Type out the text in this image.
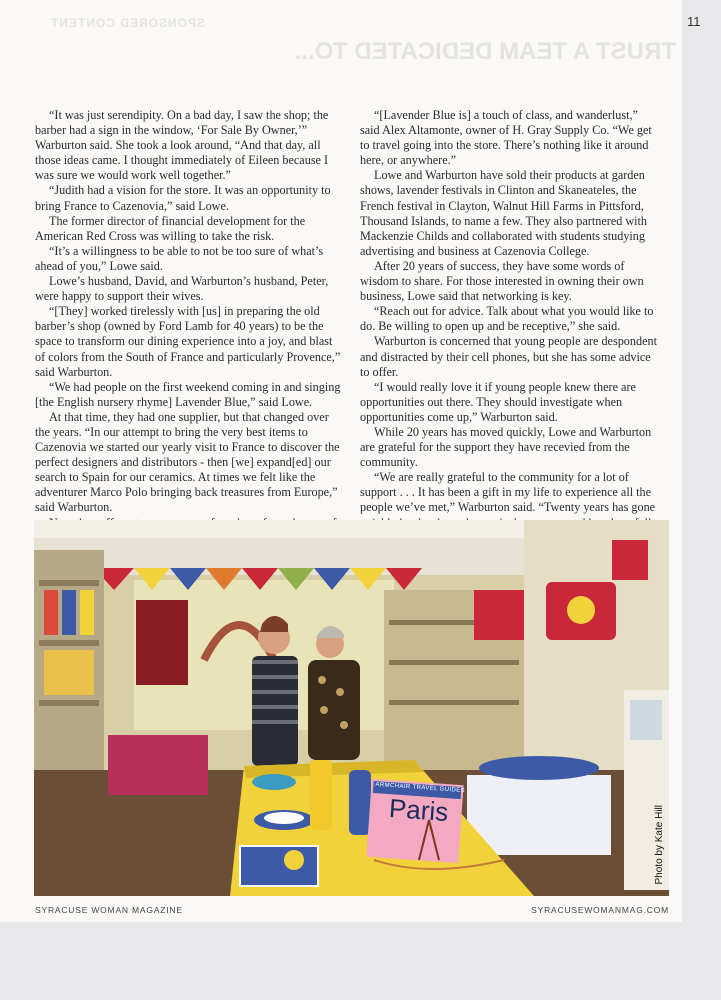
11
SPONSORED CONTENT
TRUST A TEAM DEDICATED TO...

“It was just serendipity. On a bad day, I saw the shop; the barber had a sign in the window, ‘For Sale By Owner,’” Warburton said. She took a look around, “And that day, all those ideas came. I thought immediately of Eileen because I was sure we would work well together.”

“Judith had a vision for the store. It was an opportunity to bring France to Cazenovia,” said Lowe.

The former director of financial development for the American Red Cross was willing to take the risk.

“It’s a willingness to be able to not be too sure of what’s ahead of you,” Lowe said.

Lowe’s husband, David, and Warburton’s husband, Peter, were happy to support their wives.

“[They] worked tirelessly with [us] in preparing the old barber’s shop (owned by Ford Lamb for 40 years) to be the space to transform our dining experience into a joy, and blast of colors from the South of France and particularly Provence,” said Warburton.

“We had people on the first weekend coming in and singing [the English nursery rhyme] Lavender Blue,” said Lowe.

At that time, they had one supplier, but that changed over the years. “In our attempt to bring the very best items to Cazenovia we started our yearly visit to France to discover the perfect designers and distributors - then [we] expand[ed] our search to Spain for our ceramics. At times we felt like the adventurer Marco Polo bringing back treasures from Europe,” said Warburton.

“[Lavender Blue is] a touch of class, and wanderlust,” said Alex Altamonte, owner of H. Gray Supply Co. “We get to travel going into the store. There’s nothing like it around here, or anywhere.”

Lowe and Warburton have sold their products at garden shows, lavender festivals in Clinton and Skaneateles, the French festival in Clayton, Walnut Hill Farms in Pittsford, Thousand Islands, to name a few. They also partnered with Mackenzie Childs and collaborated with students studying advertising and business at Cazenovia College.

After 20 years of success, they have some words of wisdom to share. For those interested in owning their own business, Lowe said that networking is key.

“Reach out for advice. Talk about what you would like to do. Be willing to open up and be receptive,” she said.

Warburton is concerned that young people are despondent and distracted by their cell phones, but she has some advice to offer.

“I would really love it if young people knew there are opportunities out there. They should investigate when opportunities come up,” Warburton said.

While 20 years has moved quickly, Lowe and Warburton are grateful for the support they have recevied from the community.

“We are really grateful to the community for a lot of support . . . It has been a gift in my life to experience all the people we’ve met,” Warburton said. “Twenty years has gone

ARMCHAIR TRAVEL GUIDES
Paris	Photo by Kate Hill
SYRACUSE WOMAN MAGAZINE	SYRACUSEWOMANMAG.COM
